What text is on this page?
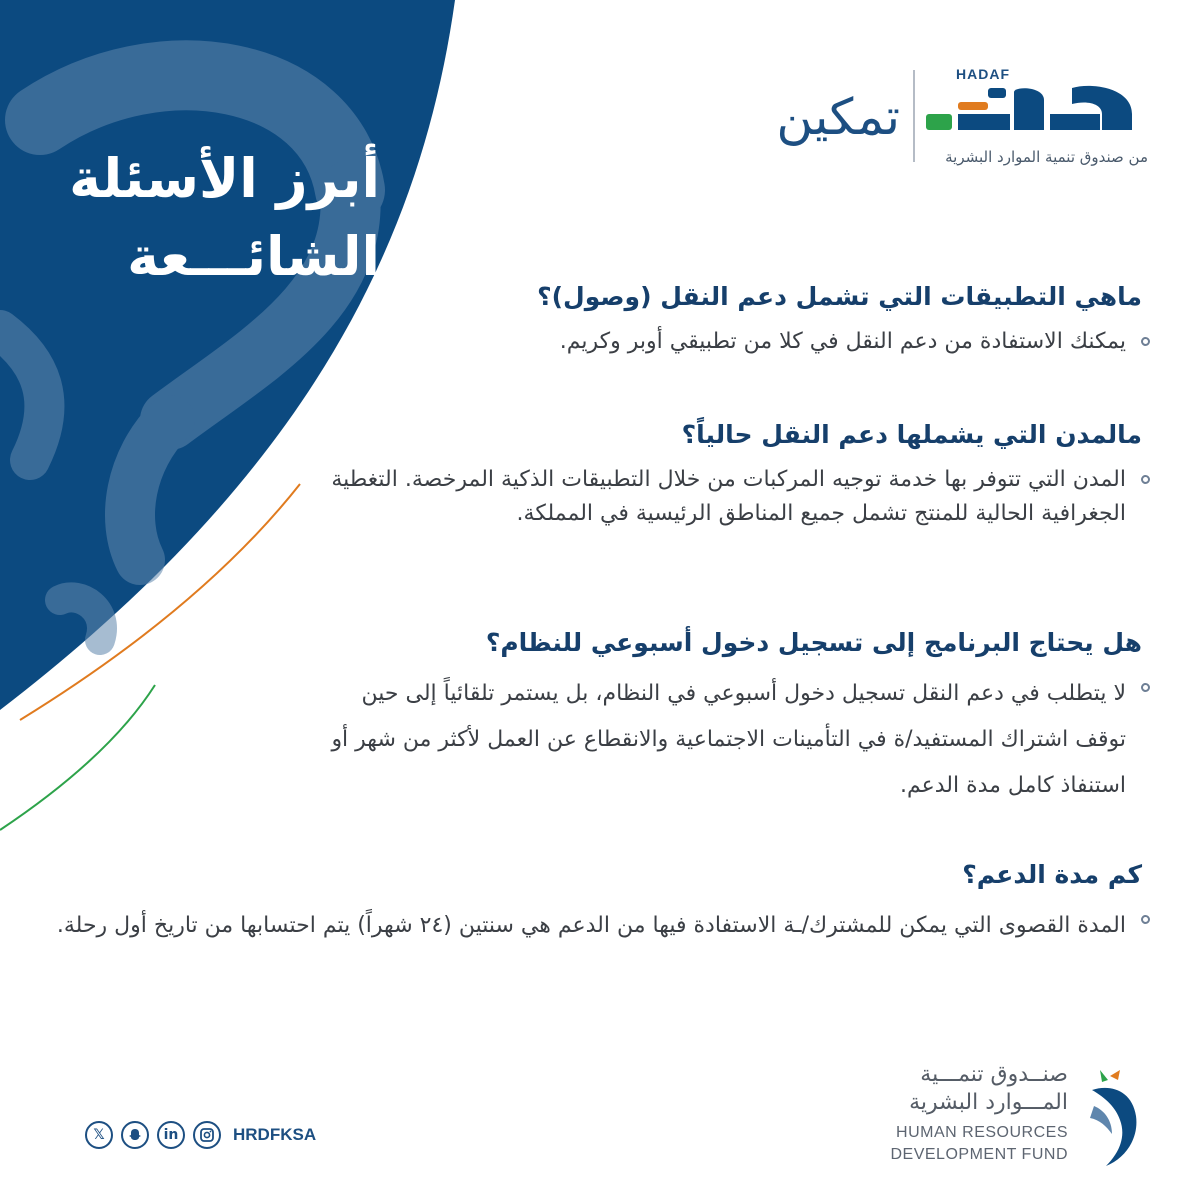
أبرز الأسئلة
الشائـــعة
تمكين
HADAF
من صندوق تنمية الموارد البشرية
ماهي التطبيقات التي تشمل دعم النقل (وصول)؟
يمكنك الاستفادة من دعم النقل في كلا من تطبيقي أوبر وكريم.
مالمدن التي يشملها دعم النقل حالياً؟
المدن التي تتوفر بها خدمة توجيه المركبات من خلال التطبيقات الذكية المرخصة. التغطية الجغرافية الحالية للمنتج تشمل جميع المناطق الرئيسية في المملكة.
هل يحتاج البرنامج إلى تسجيل دخول أسبوعي للنظام؟
لا يتطلب في دعم النقل تسجيل دخول أسبوعي في النظام، بل يستمر تلقائياً إلى حين توقف اشتراك المستفيد/ة في التأمينات الاجتماعية والانقطاع عن العمل لأكثر من شهر أو استنفاذ كامل مدة الدعم.
كم مدة الدعم؟
المدة القصوى التي يمكن للمشترك/ـة الاستفادة فيها من الدعم هي سنتين (٢٤ شهراً) يتم احتسابها من تاريخ أول رحلة.
𝕏	in	HRDFKSA
صنــدوق تنمـــية
المـــوارد البشرية
HUMAN RESOURCES
DEVELOPMENT FUND
